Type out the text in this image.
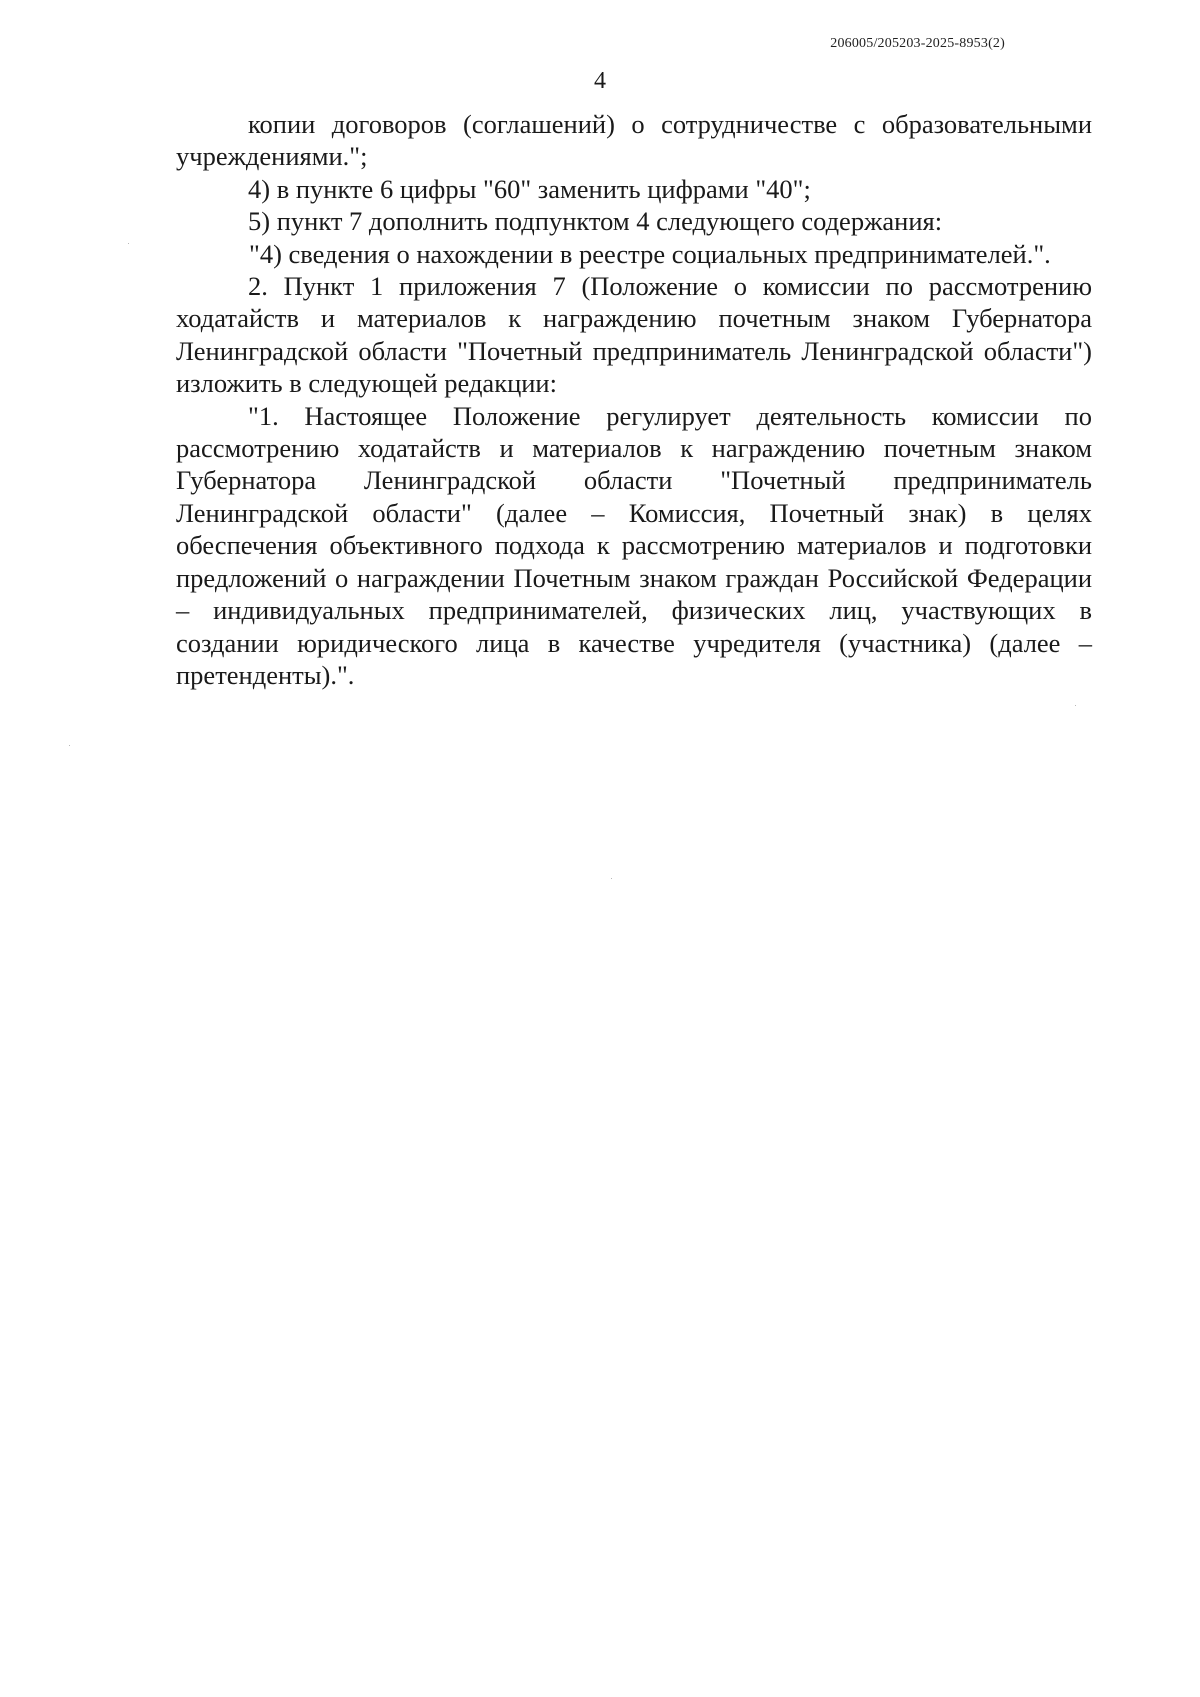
206005/205203-2025-8953(2)
4

копии договоров (соглашений) о сотрудничестве с образовательными учреждениями.";

4) в пункте 6 цифры "60" заменить цифрами "40";

5) пункт 7 дополнить подпунктом 4 следующего содержания:

"4) сведения о нахождении в реестре социальных предпринимателей.".

2. Пункт 1 приложения 7 (Положение о комиссии по рассмотрению ходатайств и материалов к награждению почетным знаком Губернатора Ленинградской области "Почетный предприниматель Ленинградской области") изложить в следующей редакции:

"1. Настоящее Положение регулирует деятельность комиссии по рассмотрению ходатайств и материалов к награждению почетным знаком Губернатора Ленинградской области "Почетный предприниматель Ленинградской области" (далее – Комиссия, Почетный знак) в целях обеспечения объективного подхода к рассмотрению материалов и подготовки предложений о награждении Почетным знаком граждан Российской Федерации – индивидуальных предпринимателей, физических лиц, участвующих в создании юридического лица в качестве учредителя (участника) (далее – претенденты).".
